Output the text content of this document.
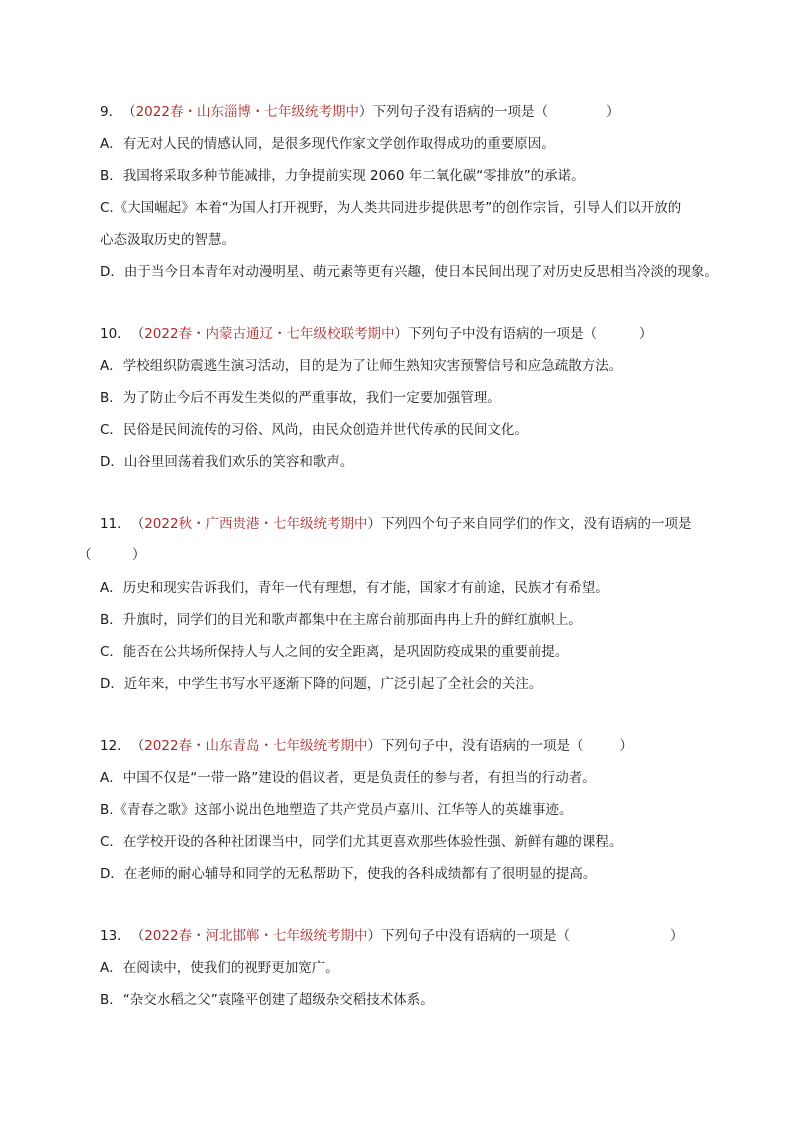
9． （ 2022春・山东淄博・七年级统考期中 ） 下列句子没有语病的一项是（	）
A．有无对人民的情感认同，是很多现代作家文学创作取得成功的重要原因。
B．我国将采取多种节能减排，力争提前实现 2060 年二氧化碳“零排放”的承诺。
C.《大国崛起》本着“为国人打开视野，为人类共同进步提供思考”的创作宗旨，引导人们以开放的
心态汲取历史的智慧。
D．由于当今日本青年对动漫明星、萌元素等更有兴趣，使日本民间出现了对历史反思相当冷淡的现象。
10． （ 2022春・内蒙古通辽・七年级校联考期中 ） 下列句子中没有语病的一项是（	）
A．学校组织防震逃生演习活动，目的是为了让师生熟知灾害预警信号和应急疏散方法。
B．为了防止今后不再发生类似的严重事故，我们一定要加强管理。
C．民俗是民间流传的习俗、风尚，由民众创造并世代传承的民间文化。
D．山谷里回荡着我们欢乐的笑容和歌声。
11． （ 2022秋・广西贵港・七年级统考期中 ） 下列四个句子来自同学们的作文，没有语病的一项是
（　　　）
A．历史和现实告诉我们，青年一代有理想，有才能，国家才有前途，民族才有希望。
B．升旗时，同学们的目光和歌声都集中在主席台前那面冉冉上升的鲜红旗帜上。
C．能否在公共场所保持人与人之间的安全距离，是巩固防疫成果的重要前提。
D．近年来，中学生书写水平逐渐下降的问题，广泛引起了全社会的关注。
12． （ 2022春・山东青岛・七年级统考期中 ） 下列句子中，没有语病的一项是（	）
A．中国不仅是“一带一路”建设的倡议者，更是负责任的参与者，有担当的行动者。
B.《青春之歌》这部小说出色地塑造了共产党员卢嘉川、江华等人的英雄事迹。
C．在学校开设的各种社团课当中，同学们尤其更喜欢那些体验性强、新鲜有趣的课程。
D．在老师的耐心辅导和同学的无私帮助下，使我的各科成绩都有了很明显的提高。
13． （ 2022春・河北邯郸・七年级统考期中 ） 下列句子中没有语病的一项是（	）
A．在阅读中，使我们的视野更加宽广。
B．“杂交水稻之父”袁隆平创建了超级杂交稻技术体系。
